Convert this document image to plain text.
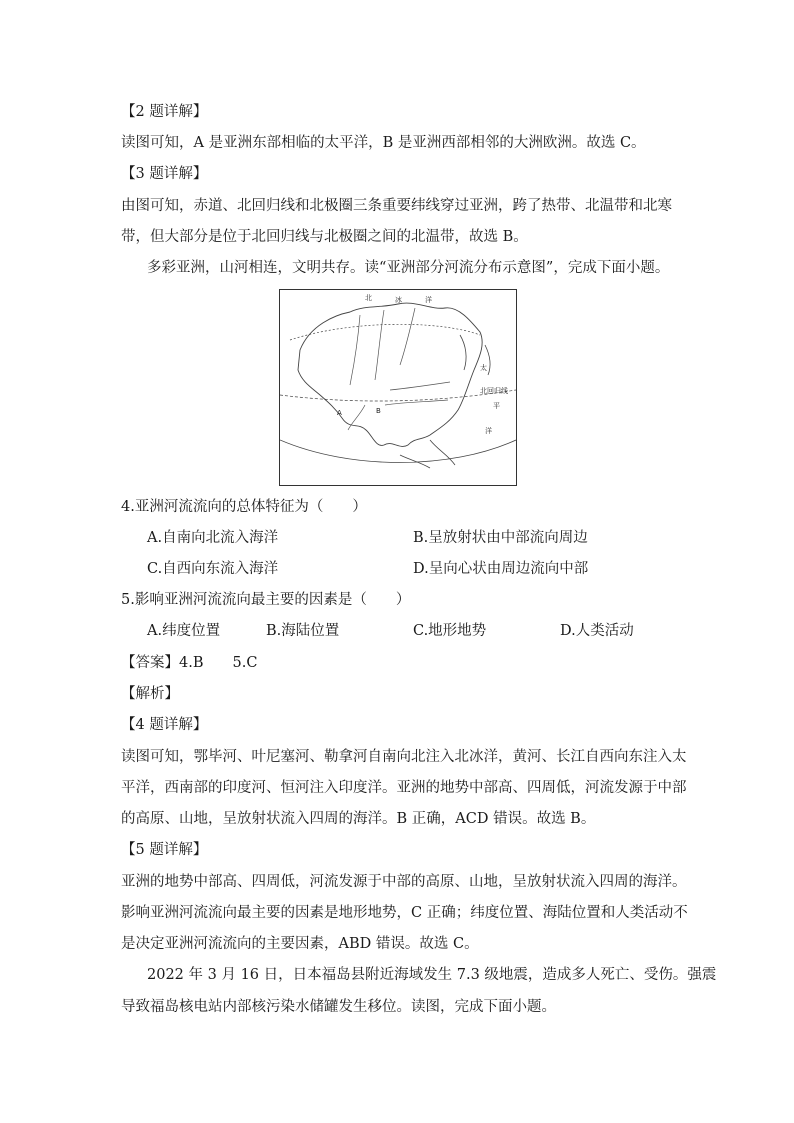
【2 题详解】
读图可知，A 是亚洲东部相临的太平洋，B 是亚洲西部相邻的大洲欧洲。故选 C。
【3 题详解】
由图可知，赤道、北回归线和北极圈三条重要纬线穿过亚洲，跨了热带、北温带和北寒
带，但大部分是位于北回归线与北极圈之间的北温带，故选 B。
多彩亚洲，山河相连，文明共存。读“亚洲部分河流分布示意图”，完成下面小题。
北	冰	洋
太
平
洋
A	B
北回归线
4.亚洲河流流向的总体特征为（　　）
A.自南向北流入海洋	B.呈放射状由中部流向周边
C.自西向东流入海洋	D.呈向心状由周边流向中部
5.影响亚洲河流流向最主要的因素是（　　）
A.纬度位置	B.海陆位置	C.地形地势	D.人类活动
【答案】4.B　　5.C
【解析】
【4 题详解】
读图可知，鄂毕河、叶尼塞河、勒拿河自南向北注入北冰洋，黄河、长江自西向东注入太
平洋，西南部的印度河、恒河注入印度洋。亚洲的地势中部高、四周低，河流发源于中部
的高原、山地，呈放射状流入四周的海洋。B 正确，ACD 错误。故选 B。
【5 题详解】
亚洲的地势中部高、四周低，河流发源于中部的高原、山地，呈放射状流入四周的海洋。
影响亚洲河流流向最主要的因素是地形地势，C 正确；纬度位置、海陆位置和人类活动不
是决定亚洲河流流向的主要因素，ABD 错误。故选 C。
2022 年 3 月 16 日，日本福岛县附近海域发生 7.3 级地震，造成多人死亡、受伤。强震
导致福岛核电站内部核污染水储罐发生移位。读图，完成下面小题。
